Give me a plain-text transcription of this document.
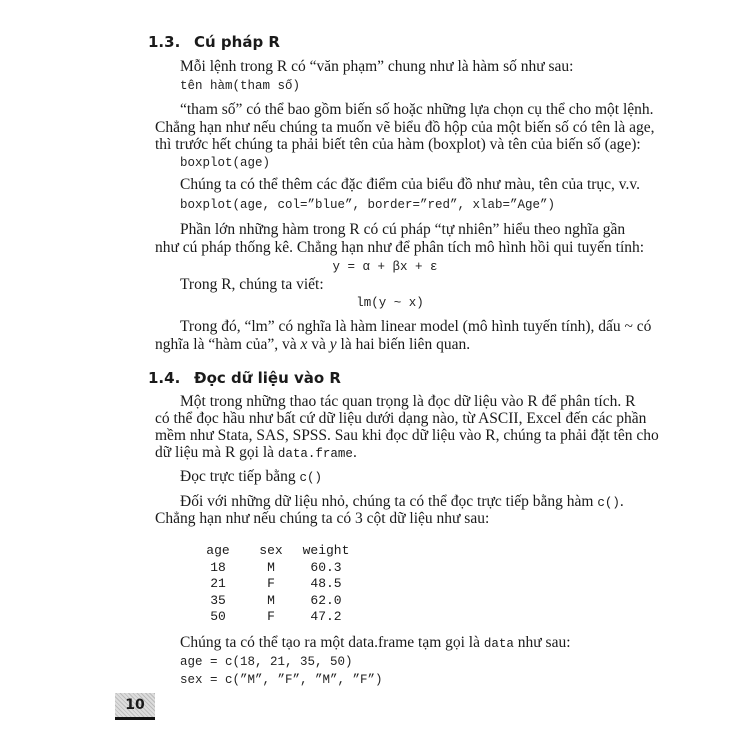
1.3. Cú pháp R
Mỗi lệnh trong R có “văn phạm” chung như là hàm số như sau:
tên hàm(tham số)
“tham số” có thể bao gồm biến số hoặc những lựa chọn cụ thể cho một lệnh.
Chẳng hạn như nếu chúng ta muốn vẽ biểu đồ hộp của một biến số có tên là age,
thì trước hết chúng ta phải biết tên của hàm (boxplot) và tên của biến số (age):
boxplot(age)
Chúng ta có thể thêm các đặc điểm của biểu đồ như màu, tên của trục, v.v.
boxplot(age, col=”blue”, border=”red”, xlab=”Age”)
Phần lớn những hàm trong R có cú pháp “tự nhiên” hiểu theo nghĩa gần
như cú pháp thống kê. Chẳng hạn như để phân tích mô hình hồi qui tuyến tính:
y = α + βx + ε
Trong R, chúng ta viết:
lm(y ~ x)
Trong đó, “lm” có nghĩa là hàm linear model (mô hình tuyến tính), dấu ~ có
nghĩa là “hàm của”, và x và y là hai biến liên quan.
1.4. Đọc dữ liệu vào R
Một trong những thao tác quan trọng là đọc dữ liệu vào R để phân tích. R
có thể đọc hầu như bất cứ dữ liệu dưới dạng nào, từ ASCII, Excel đến các phần
mềm như Stata, SAS, SPSS. Sau khi đọc dữ liệu vào R, chúng ta phải đặt tên cho
dữ liệu mà R gọi là data.frame.
Đọc trực tiếp bằng c()
Đối với những dữ liệu nhỏ, chúng ta có thể đọc trực tiếp bằng hàm c().
Chẳng hạn như nếu chúng ta có 3 cột dữ liệu như sau:
age	sex	weight
18	M	60.3
21	F	48.5
35	M	62.0
50	F	47.2
Chúng ta có thể tạo ra một data.frame tạm gọi là data như sau:
age = c(18, 21, 35, 50)
sex = c(”M”, ”F”, ”M”, ”F”)
10
